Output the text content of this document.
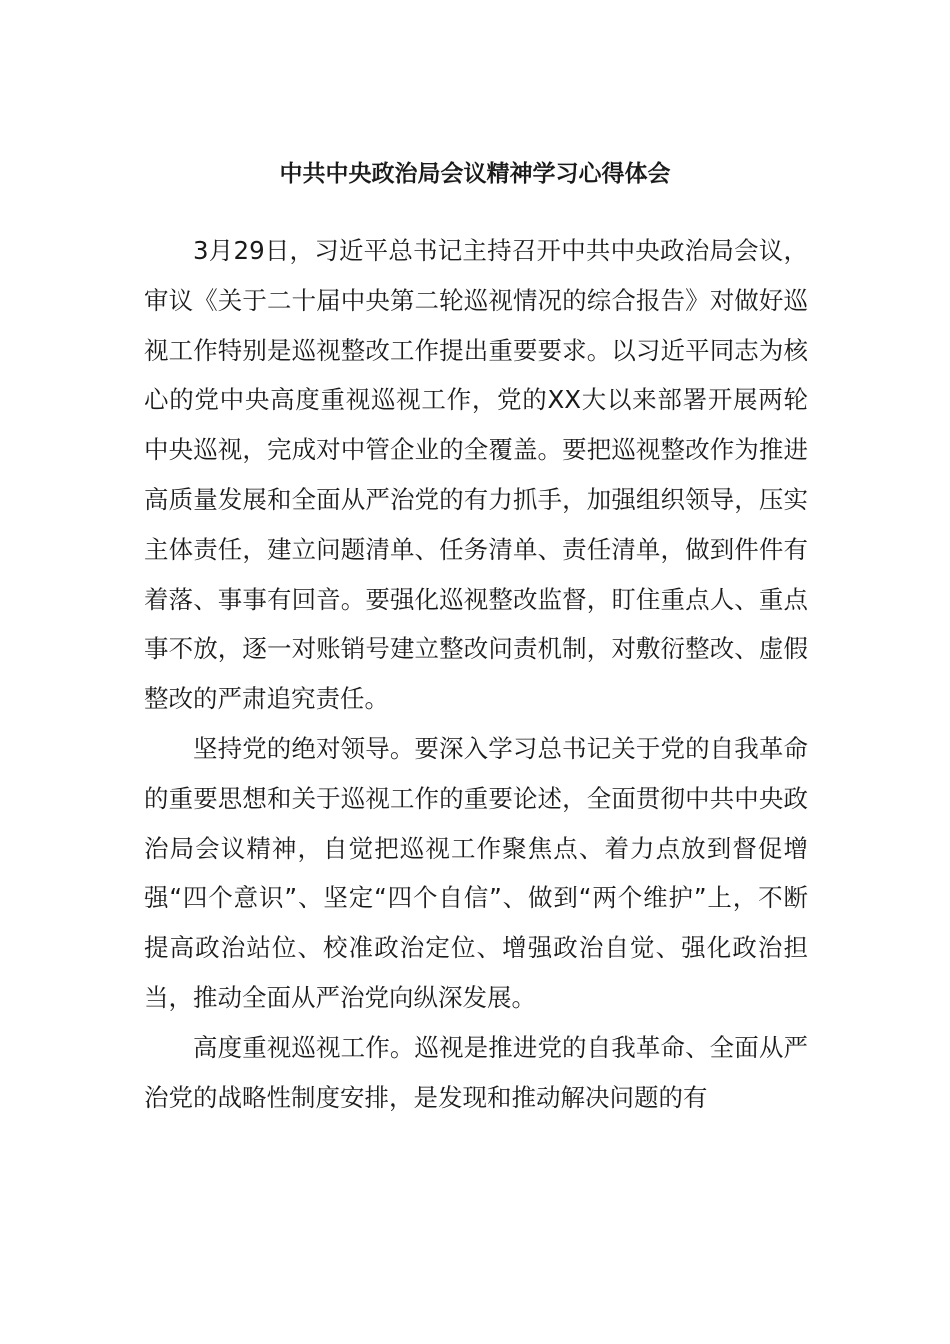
中共中央政治局会议精神学习心得体会

3月29日，习近平总书记主持召开中共中央政治局会议，审议《关于二十届中央第二轮巡视情况的综合报告》对做好巡视工作特别是巡视整改工作提出重要要求。以习近平同志为核心的党中央高度重视巡视工作，党的XX大以来部署开展两轮中央巡视，完成对中管企业的全覆盖。要把巡视整改作为推进高质量发展和全面从严治党的有力抓手，加强组织领导，压实主体责任，建立问题清单、任务清单、责任清单，做到件件有着落、事事有回音。要强化巡视整改监督，盯住重点人、重点事不放，逐一对账销号建立整改问责机制，对敷衍整改、虚假整改的严肃追究责任。

坚持党的绝对领导。要深入学习总书记关于党的自我革命的重要思想和关于巡视工作的重要论述，全面贯彻中共中央政治局会议精神，自觉把巡视工作聚焦点、着力点放到督促增强“四个意识”、坚定“四个自信”、做到“两个维护”上，不断提高政治站位、校准政治定位、增强政治自觉、强化政治担当，推动全面从严治党向纵深发展。

高度重视巡视工作。巡视是推进党的自我革命、全面从严治党的战略性制度安排，是发现和推动解决问题的有
